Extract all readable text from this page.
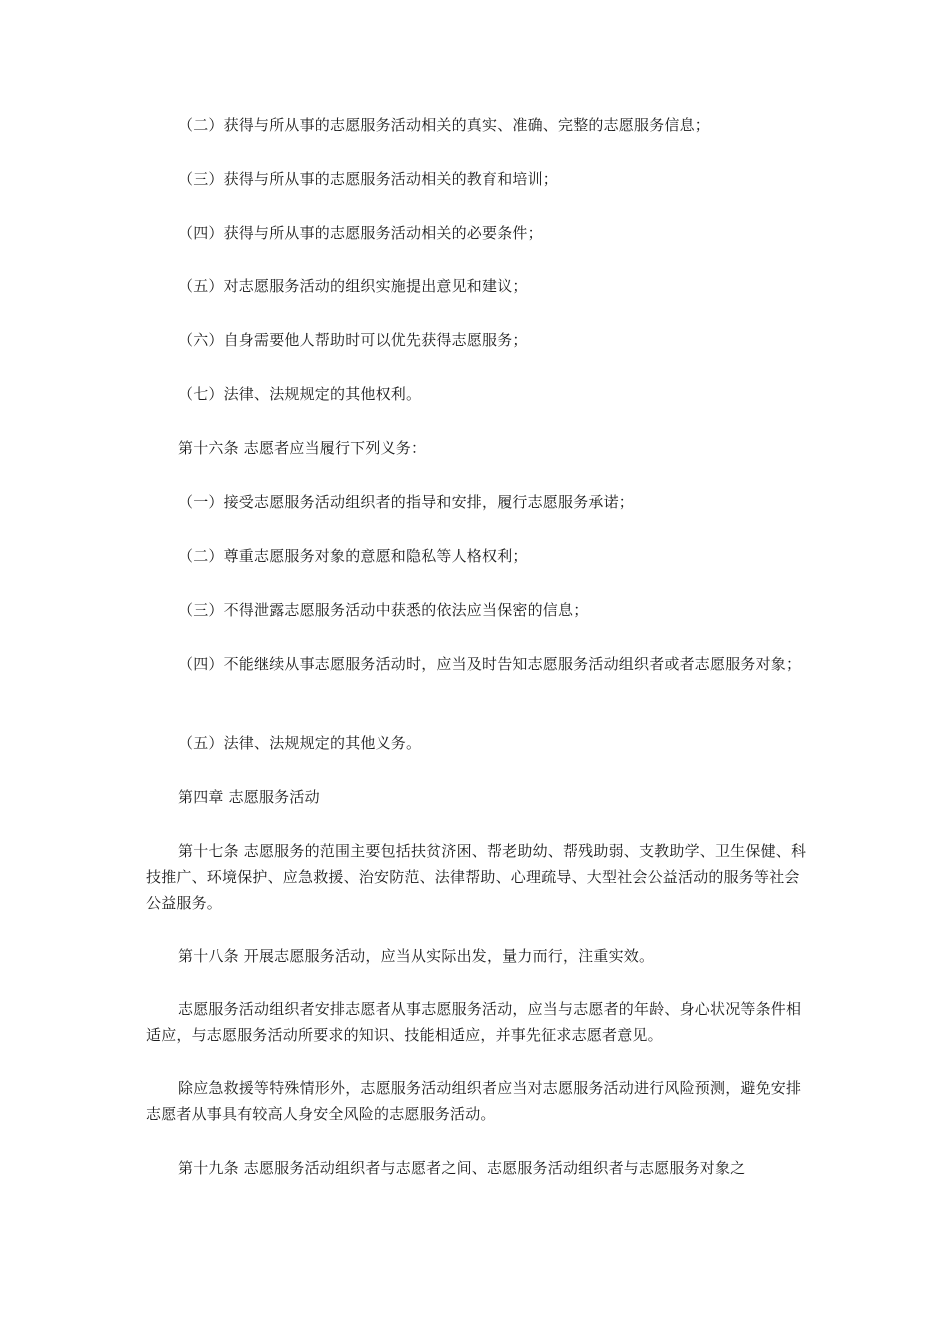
（二）获得与所从事的志愿服务活动相关的真实、准确、完整的志愿服务信息；

（三）获得与所从事的志愿服务活动相关的教育和培训；

（四）获得与所从事的志愿服务活动相关的必要条件；

（五）对志愿服务活动的组织实施提出意见和建议；

（六）自身需要他人帮助时可以优先获得志愿服务；

（七）法律、法规规定的其他权利。

第十六条 志愿者应当履行下列义务：

（一）接受志愿服务活动组织者的指导和安排，履行志愿服务承诺；

（二）尊重志愿服务对象的意愿和隐私等人格权利；

（三）不得泄露志愿服务活动中获悉的依法应当保密的信息；

（四）不能继续从事志愿服务活动时，应当及时告知志愿服务活动组织者或者志愿服务对象；

（五）法律、法规规定的其他义务。

第四章 志愿服务活动

第十七条 志愿服务的范围主要包括扶贫济困、帮老助幼、帮残助弱、支教助学、卫生保健、科技推广、环境保护、应急救援、治安防范、法律帮助、心理疏导、大型社会公益活动的服务等社会公益服务。

第十八条 开展志愿服务活动，应当从实际出发，量力而行，注重实效。

志愿服务活动组织者安排志愿者从事志愿服务活动，应当与志愿者的年龄、身心状况等条件相适应，与志愿服务活动所要求的知识、技能相适应，并事先征求志愿者意见。

除应急救援等特殊情形外，志愿服务活动组织者应当对志愿服务活动进行风险预测，避免安排志愿者从事具有较高人身安全风险的志愿服务活动。

第十九条 志愿服务活动组织者与志愿者之间、志愿服务活动组织者与志愿服务对象之
